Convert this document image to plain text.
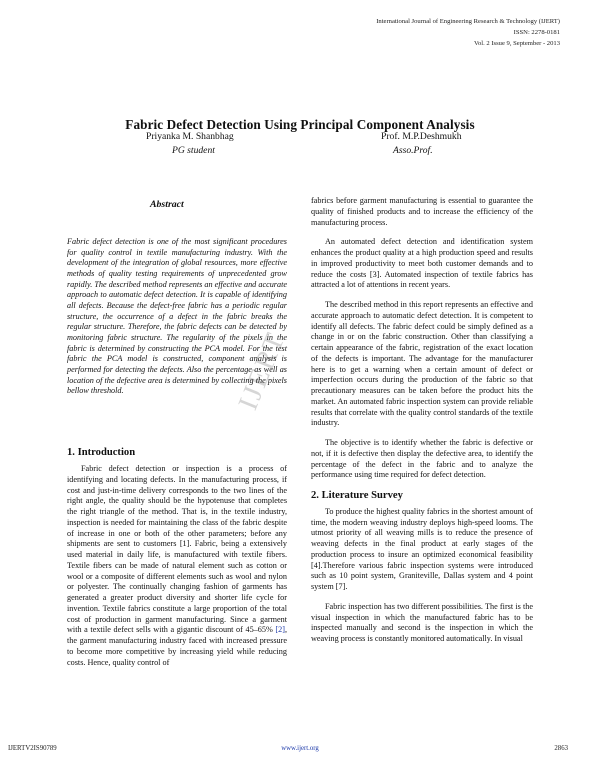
International Journal of Engineering Research & Technology (IJERT)
ISSN: 2278-0181
Vol. 2 Issue 9, September - 2013
Fabric Defect Detection Using Principal Component Analysis
Priyanka M. Shanbhag
PG student
Prof. M.P.Deshmukh
Asso.Prof.
IJERT
Abstract

Fabric defect detection is one of the most significant procedures for quality control in textile manufacturing industry. With the development of the integration of global resources, more effective methods of quality testing requirements of unprecedented grow rapidly. The described method represents an effective and accurate approach to automatic defect detection. It is capable of identifying all defects. Because the defect-free fabric has a periodic regular structure, the occurrence of a defect in the fabric breaks the regular structure. Therefore, the fabric defects can be detected by monitoring fabric structure. The regularity of the pixels in the fabric is determined by constructing the PCA model. For the test fabric the PCA model is constructed, component analysis is performed for detecting the defects. Also the percentage as well as location of the defective area is determined by collecting the pixels bellow threshold.

1. Introduction

Fabric defect detection or inspection is a process of identifying and locating defects. In the manufacturing process, if cost and just-in-time delivery corresponds to the two lines of the right angle, the quality should be the hypotenuse that completes the right triangle of the method. That is, in the textile industry, inspection is needed for maintaining the class of the fabric despite of increase in one or both of the other parameters; before any shipments are sent to customers [1]. Fabric, being a extensively used material in daily life, is manufactured with textile fibers. Textile fibers can be made of natural element such as cotton or wool or a composite of different elements such as wool and nylon or polyester. The continually changing fashion of garments has generated a greater product diversity and shorter life cycle for invention. Textile fabrics constitute a large proportion of the total cost of production in garment manufacturing. Since a garment with a textile defect sells with a gigantic discount of 45–65% [2], the garment manufacturing industry faced with increased pressure to become more competitive by increasing yield while reducing costs. Hence, quality control of

fabrics before garment manufacturing is essential to guarantee the quality of finished products and to increase the efficiency of the manufacturing process.

An automated defect detection and identification system enhances the product quality at a high production speed and results in improved productivity to meet both customer demands and to reduce the costs [3]. Automated inspection of textile fabrics has attracted a lot of attentions in recent years.

The described method in this report represents an effective and accurate approach to automatic defect detection. It is competent to identify all defects. The fabric defect could be simply defined as a change in or on the fabric construction. Other than classifying a certain appearance of the fabric, registration of the exact location of the defects is important. The advantage for the manufacturer here is to get a warning when a certain amount of defect or imperfection occurs during the production of the fabric so that precautionary measures can be taken before the product hits the market. An automated fabric inspection system can provide reliable results that correlate with the quality control standards of the textile industry.

The objective is to identify whether the fabric is defective or not, if it is defective then display the defective area, to identify the percentage of the defect in the fabric and to analyze the performance using time required for defect detection.

2. Literature Survey

To produce the highest quality fabrics in the shortest amount of time, the modern weaving industry deploys high-speed looms. The utmost priority of all weaving mills is to reduce the presence of weaving defects in the final product at early stages of the production process to insure an optimized economical feasibility [4].Therefore various fabric inspection systems were introduced such as 10 point system, Graniteville, Dallas system and 4 point system [7].

Fabric inspection has two different possibilities. The first is the visual inspection in which the manufactured fabric has to be inspected manually and second is the inspection in which the weaving process is constantly monitored automatically. In visual

IJERTV2IS90789	www.ijert.org	2863
